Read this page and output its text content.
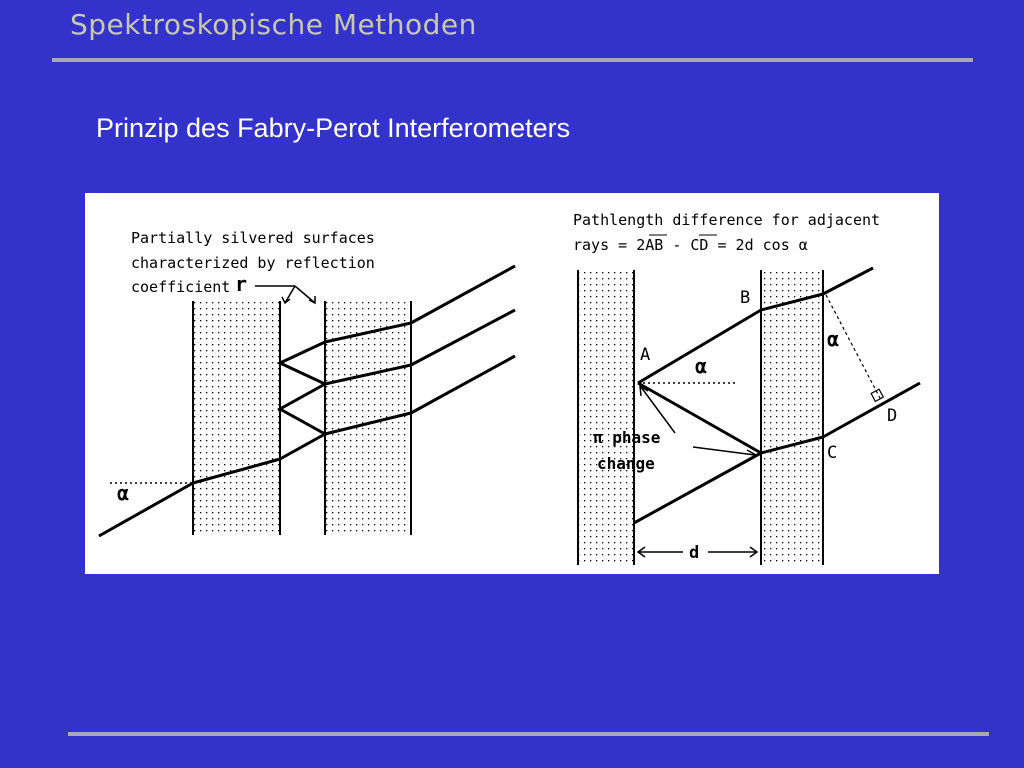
Spektroskopische Methoden
Prinzip des Fabry-Perot Interferometers
Partially silvered surfaces
characterized by reflection
coefficient r
α
Pathlength difference for adjacent
rays = 2AB - CD = 2d cos α
A
B
C
D
α
α
π phase
change
d
